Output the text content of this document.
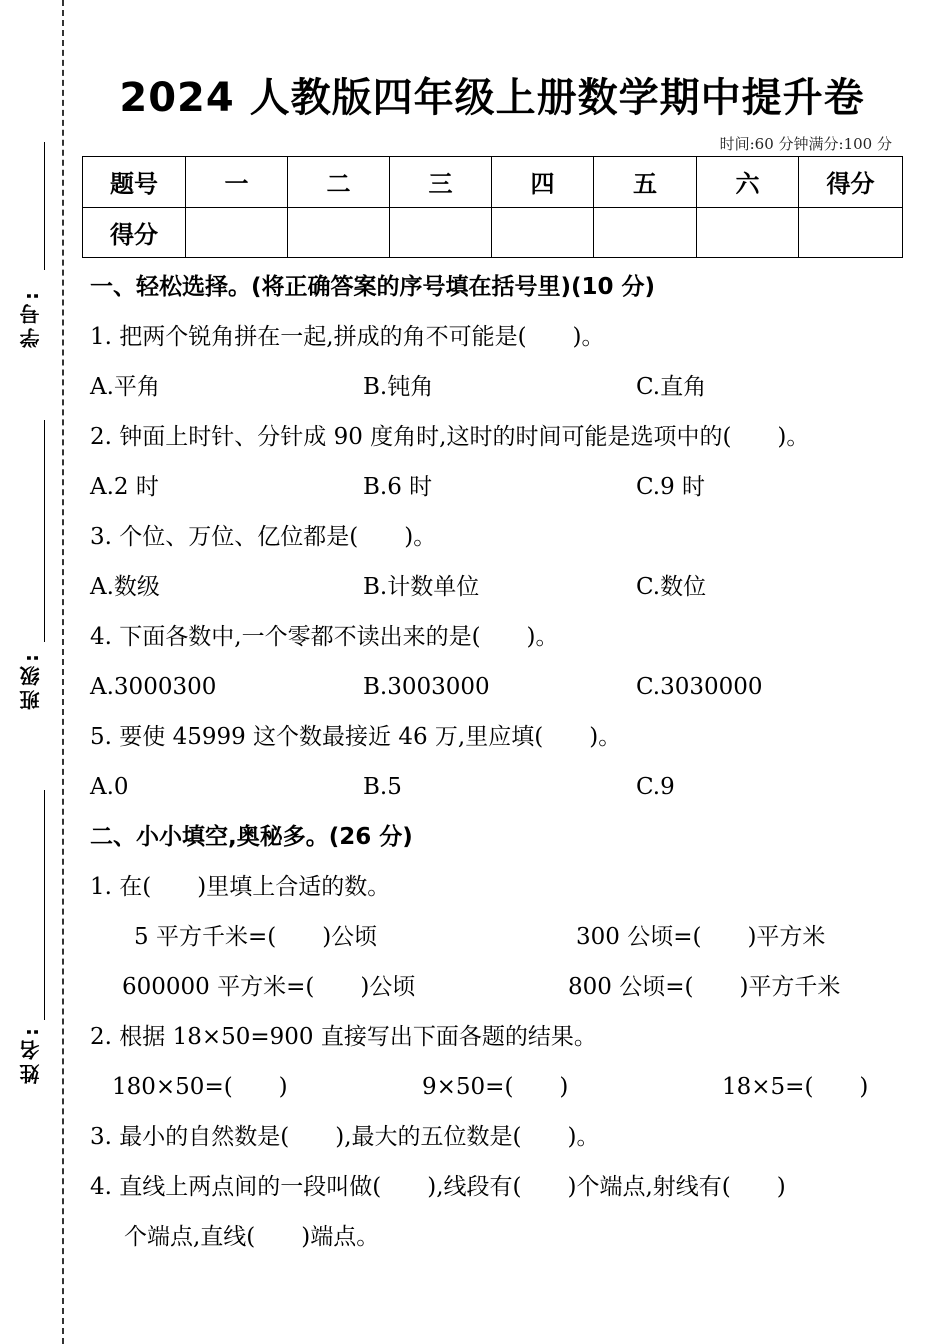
学号:
班级:
姓名:
2024 人教版四年级上册数学期中提升卷
时间:60 分钟满分:100 分
题号	一	二	三	四	五	六	得分
得分							
一、轻松选择。(将正确答案的序号填在括号里)(10 分)
1. 把两个锐角拼在一起,拼成的角不可能是(　　)。
A.平角	B.钝角	C.直角
2. 钟面上时针、分针成 90 度角时,这时的时间可能是选项中的(　　)。
A.2 时	B.6 时	C.9 时
3. 个位、万位、亿位都是(　　)。
A.数级	B.计数单位	C.数位
4. 下面各数中,一个零都不读出来的是(　　)。
A.3000300	B.3003000	C.3030000
5. 要使 45999 这个数最接近 46 万,里应填(　　)。
A.0	B.5	C.9
二、小小填空,奥秘多。(26 分)
1. 在(　　)里填上合适的数。
5 平方千米=(　　)公顷	300 公顷=(　　)平方米
600000 平方米=(　　)公顷	800 公顷=(　　)平方千米
2. 根据 18×50=900 直接写出下面各题的结果。
180×50=(　　)	9×50=(　　)	18×5=(　　)
3. 最小的自然数是(　　),最大的五位数是(　　)。
4. 直线上两点间的一段叫做(　　),线段有(　　)个端点,射线有(　　)
个端点,直线(　　)端点。
